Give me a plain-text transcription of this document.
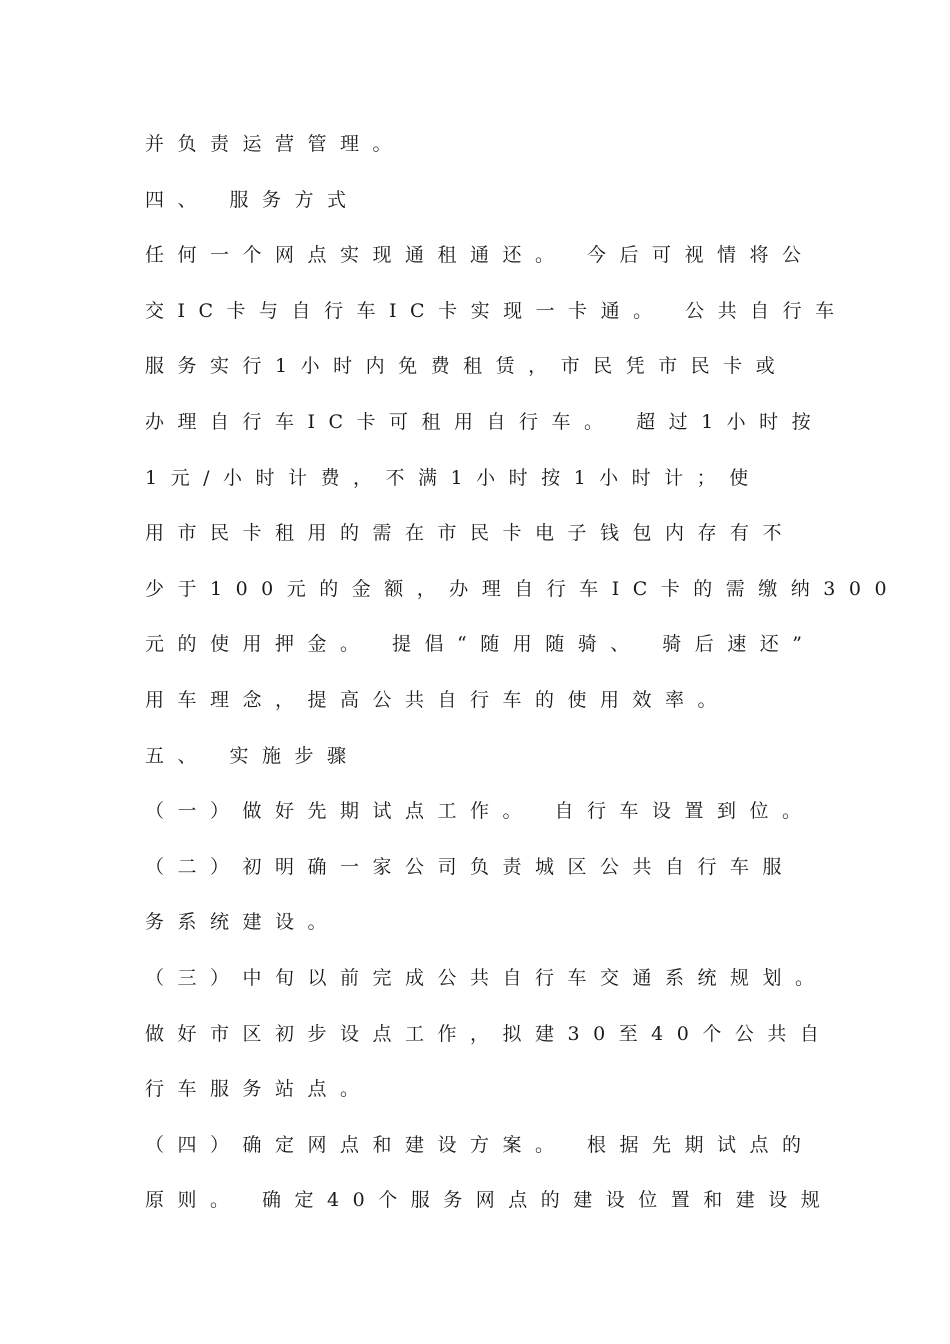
并负责运营管理。
四、 服务方式
任何一个网点实现通租通还。 今后可视情将公
交IC卡与自行车IC卡实现一卡通。 公共自行车
服务实行1小时内免费租赁，市民凭市民卡或
办理自行车IC卡可租用自行车。 超过1小时按
1元/小时计费，不满1小时按1小时计；使
用市民卡租用的需在市民卡电子钱包内存有不
少于100元的金额，办理自行车IC卡的需缴纳300
元的使用押金。 提倡“随用随骑、 骑后速还”
用车理念，提高公共自行车的使用效率。
五、 实施步骤
（一）做好先期试点工作。 自行车设置到位。
（二）初明确一家公司负责城区公共自行车服
务系统建设。
（三）中旬以前完成公共自行车交通系统规划。
做好市区初步设点工作，拟建30至40个公共自
行车服务站点。
（四）确定网点和建设方案。 根据先期试点的
原则。 确定40个服务网点的建设位置和建设规
